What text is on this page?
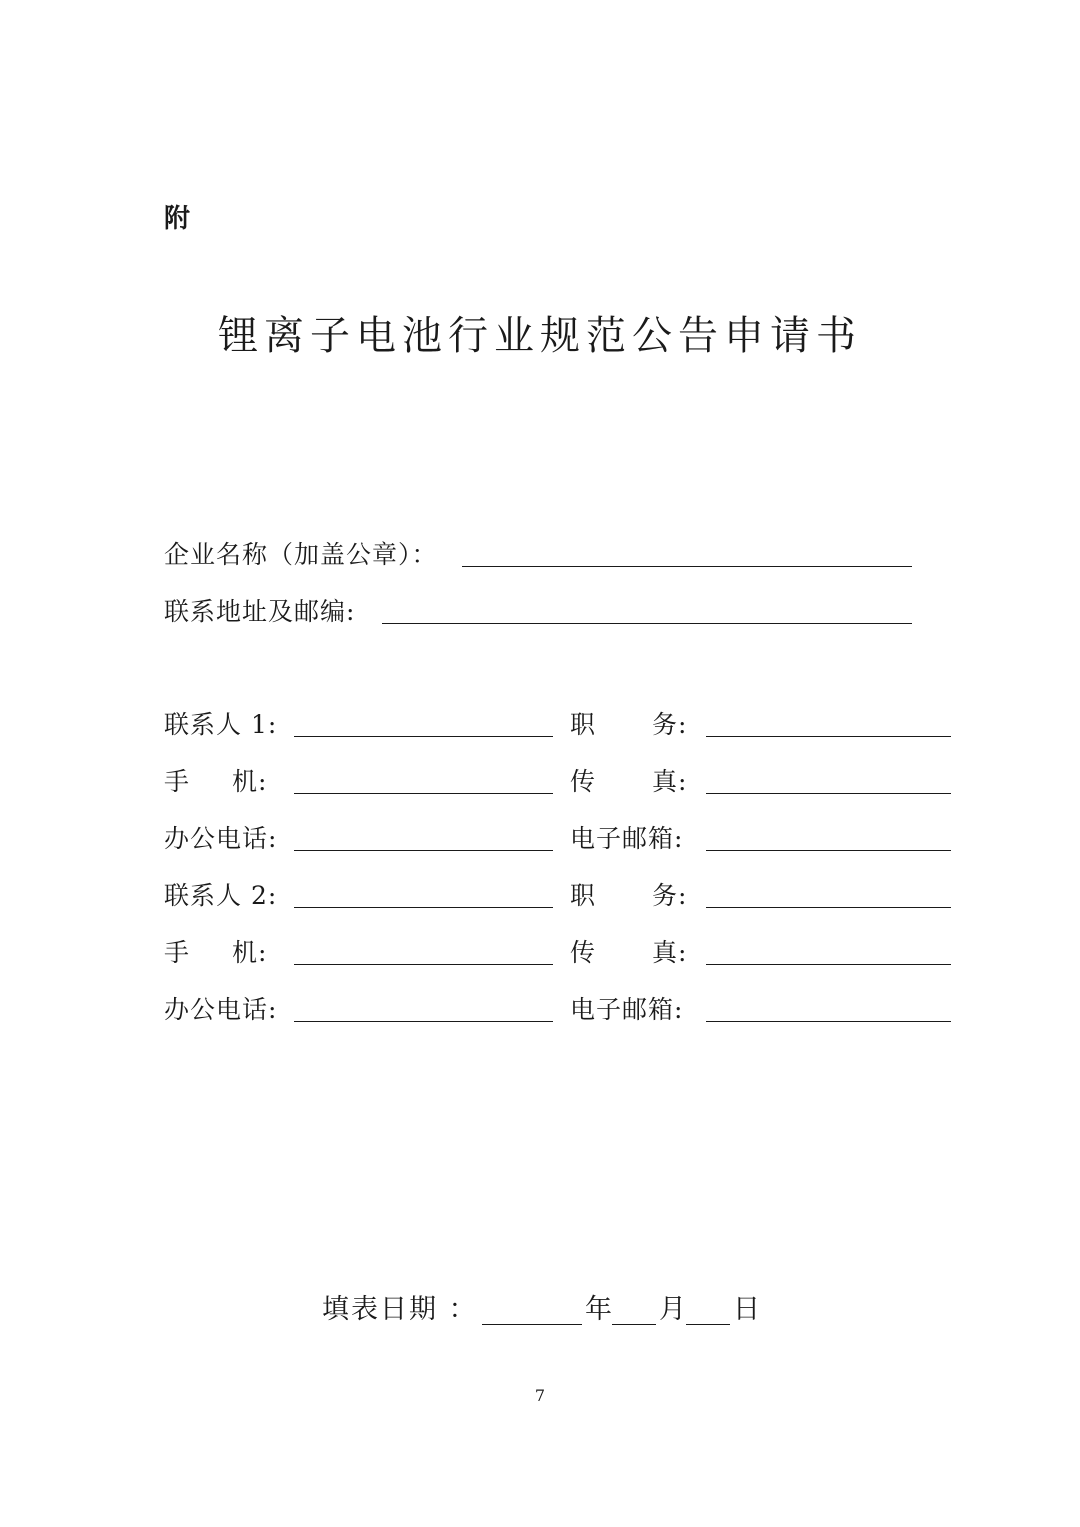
附
锂离子电池行业规范公告申请书
企业名称（加盖公章）：
联系地址及邮编:
联系人 1:	职 务:
手 机:	传 真:
办公电话:	电子邮箱:
联系人 2:	职 务:
手 机:	传 真:
办公电话:	电子邮箱:
填表日期 ：	年 月 日
7
